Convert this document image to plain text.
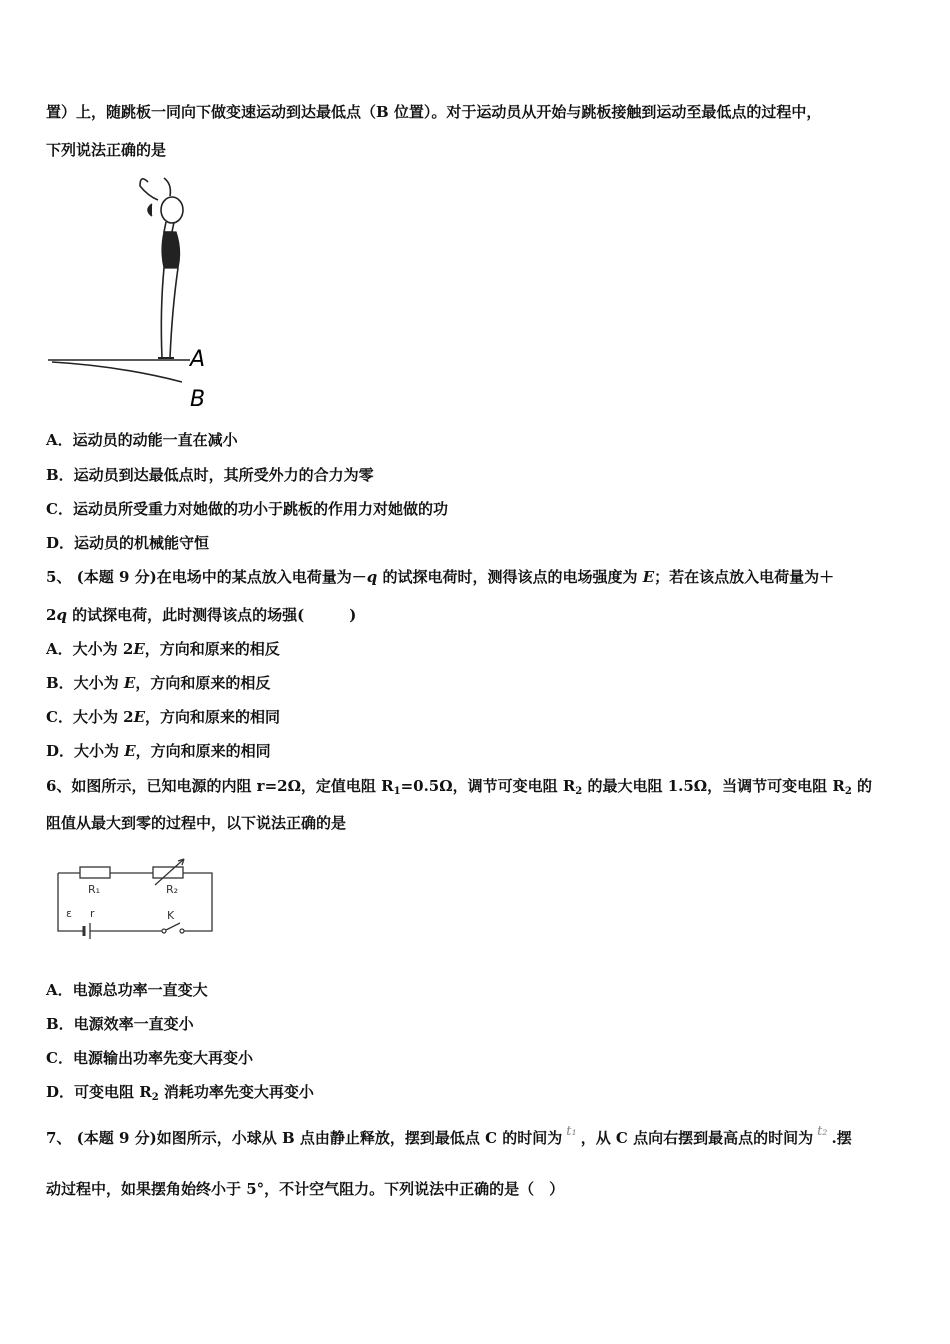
置）上，随跳板一同向下做变速运动到达最低点（B 位置）。对于运动员从开始与跳板接触到运动至最低点的过程中，
下列说法正确的是
A
B
A．运动员的动能一直在减小
B．运动员到达最低点时，其所受外力的合力为零
C．运动员所受重力对她做的功小于跳板的作用力对她做的功
D．运动员的机械能守恒
5、 (本题 9 分)在电场中的某点放入电荷量为－q 的试探电荷时，测得该点的电场强度为 E；若在该点放入电荷量为＋
2q 的试探电荷，此时测得该点的场强(　　　)
A．大小为 2E，方向和原来的相反
B．大小为 E，方向和原来的相反
C．大小为 2E，方向和原来的相同
D．大小为 E，方向和原来的相同
6、如图所示，已知电源的内阻 r=2Ω，定值电阻 $R_1=0.5\Omega$，调节可变电阻 $R_2$ 的最大电阻 1.5Ω，当调节可变电阻 $R_2$ 的
阻值从最大到零的过程中，以下说法正确的是
R₁	R₂
ε r	K
A．电源总功率一直变大
B．电源效率一直变小
C．电源输出功率先变大再变小
D．可变电阻 $R_2$ 消耗功率先变大再变小
7、 (本题 9 分)如图所示，小球从 B 点由静止释放，摆到最低点 C 的时间为 t₁ ，从 C 点向右摆到最高点的时间为 t₂ .摆
动过程中，如果摆角始终小于 5°，不计空气阻力。下列说法中正确的是（　）
